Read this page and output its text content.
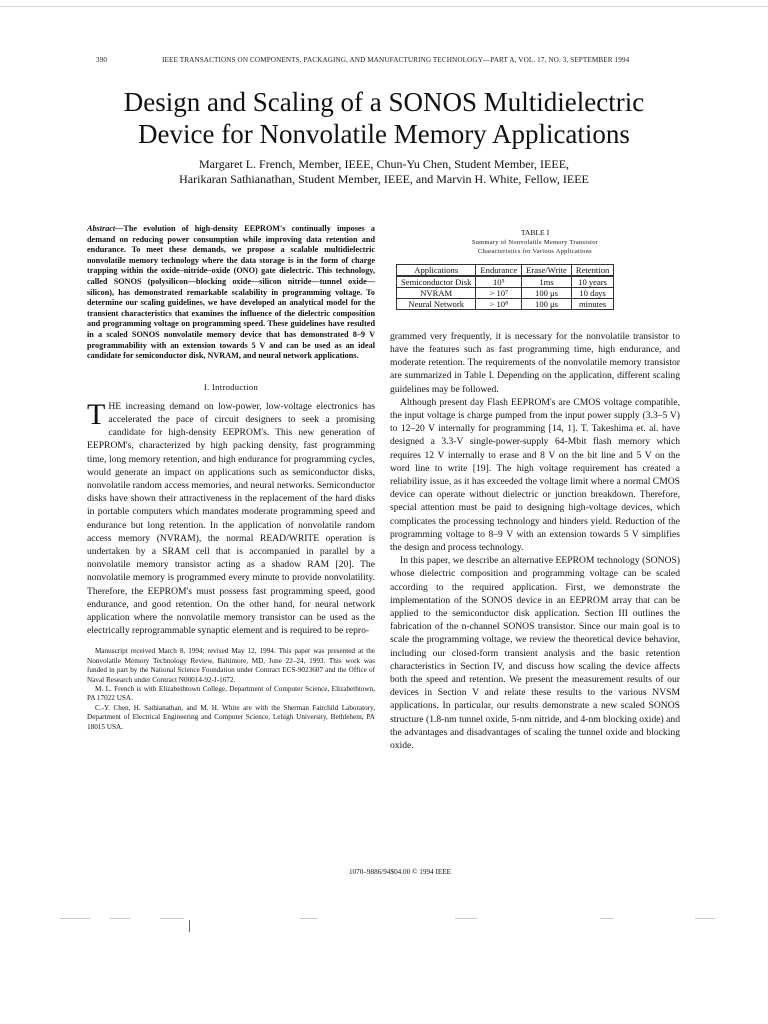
390	IEEE TRANSACTIONS ON COMPONENTS, PACKAGING, AND MANUFACTURING TECHNOLOGY—PART A, VOL. 17, NO. 3, SEPTEMBER 1994
Design and Scaling of a SONOS Multidielectric
Device for Nonvolatile Memory Applications
Margaret L. French, Member, IEEE, Chun-Yu Chen, Student Member, IEEE,
Harikaran Sathianathan, Student Member, IEEE, and Marvin H. White, Fellow, IEEE
Abstract—The evolution of high-density EEPROM's continually imposes a demand on reducing power consumption while improving data retention and endurance. To meet these demands, we propose a scalable multidielectric nonvolatile memory technology where the data storage is in the form of charge trapping within the oxide–nitride–oxide (ONO) gate dielectric. This technology, called SONOS (polysilicon—blocking oxide—silicon nitride—tunnel oxide—silicon), has demonstrated remarkable scalability in programming voltage. To determine our scaling guidelines, we have developed an analytical model for the transient characteristics that examines the influence of the dielectric composition and programming voltage on programming speed. These guidelines have resulted in a scaled SONOS nonvolatile memory device that has demonstrated 8–9 V programmability with an extension towards 5 V and can be used as an ideal candidate for semiconductor disk, NVRAM, and neural network applications.
I. Introduction

THE increasing demand on low-power, low-voltage electronics has accelerated the pace of circuit designers to seek a promising candidate for high-density EEPROM's. This new generation of EEPROM's, characterized by high packing density, fast programming time, long memory retention, and high endurance for programming cycles, would generate an impact on applications such as semiconductor disks, nonvolatile random access memories, and neural networks. Semiconductor disks have shown their attractiveness in the replacement of the hard disks in portable computers which mandates moderate programming speed and endurance but long retention. In the application of nonvolatile random access memory (NVRAM), the normal READ/WRITE operation is undertaken by a SRAM cell that is accompanied in parallel by a nonvolatile memory transistor acting as a shadow RAM [20]. The nonvolatile memory is programmed every minute to provide nonvolatility. Therefore, the EEPROM's must possess fast programming speed, good endurance, and good retention. On the other hand, for neural network application where the nonvolatile memory transistor can be used as the electrically reprogrammable synaptic element and is required to be repro-

Manuscript received March 8, 1994; revised May 12, 1994. This paper was presented at the Nonvolatile Memory Technology Review, Baltimore, MD, June 22–24, 1993. This work was funded in part by the National Science Foundation under Contract ECS-9023607 and the Office of Naval Research under Contract N00014-92-J-1672.

M. L. French is with Elizabethtown College, Department of Computer Science, Elizabethtown, PA 17022 USA.

C.-Y. Chen, H. Sathianathan, and M. H. White are with the Sherman Fairchild Laboratory, Department of Electrical Engineering and Computer Science, Lehigh University, Bethlehem, PA 18015 USA.

TABLE I
Summary of Nonvolatile Memory Transistor
Characteristics for Various Applications
Applications	Endurance	Erase/Write	Retention
Semiconductor Disk	10⁵	1ms	10 years
NVRAM	> 10⁷	100 μs	10 days
Neural Network	> 10⁸	100 μs	minutes

grammed very frequently, it is necessary for the nonvolatile transistor to have the features such as fast programming time, high endurance, and moderate retention. The requirements of the nonvolatile memory transistor are summarized in Table I. Depending on the application, different scaling guidelines may be followed.

Although present day Flash EEPROM's are CMOS voltage compatible, the input voltage is charge pumped from the input power supply (3.3–5 V) to 12–20 V internally for programming [14, 1]. T. Takeshima et. al. have designed a 3.3-V single-power-supply 64-Mbit flash memory which requires 12 V internally to erase and 8 V on the bit line and 5 V on the word line to write [19]. The high voltage requirement has created a reliability issue, as it has exceeded the voltage limit where a normal CMOS device can operate without dielectric or junction breakdown. Therefore, special attention must be paid to designing high-voltage devices, which complicates the processing technology and hinders yield. Reduction of the programming voltage to 8–9 V with an extension towards 5 V simplifies the design and process technology.

In this paper, we describe an alternative EEPROM technology (SONOS) whose dielectric composition and programming voltage can be scaled according to the required application. First, we demonstrate the implementation of the SONOS device in an EEPROM array that can be applied to the semiconductor disk application. Section III outlines the fabrication of the n-channel SONOS transistor. Since our main goal is to scale the programming voltage, we review the theoretical device behavior, including our closed-form transient analysis and the basic retention characteristics in Section IV, and discuss how scaling the device affects both the speed and retention. We present the measurement results of our devices in Section V and relate these results to the various NVSM applications. In particular, our results demonstrate a new scaled SONOS structure (1.8-nm tunnel oxide, 5-nm nitride, and 4-nm blocking oxide) and the advantages and disadvantages of scaling the tunnel oxide and blocking oxide.

1070–9886/94$04.00 © 1994 IEEE
